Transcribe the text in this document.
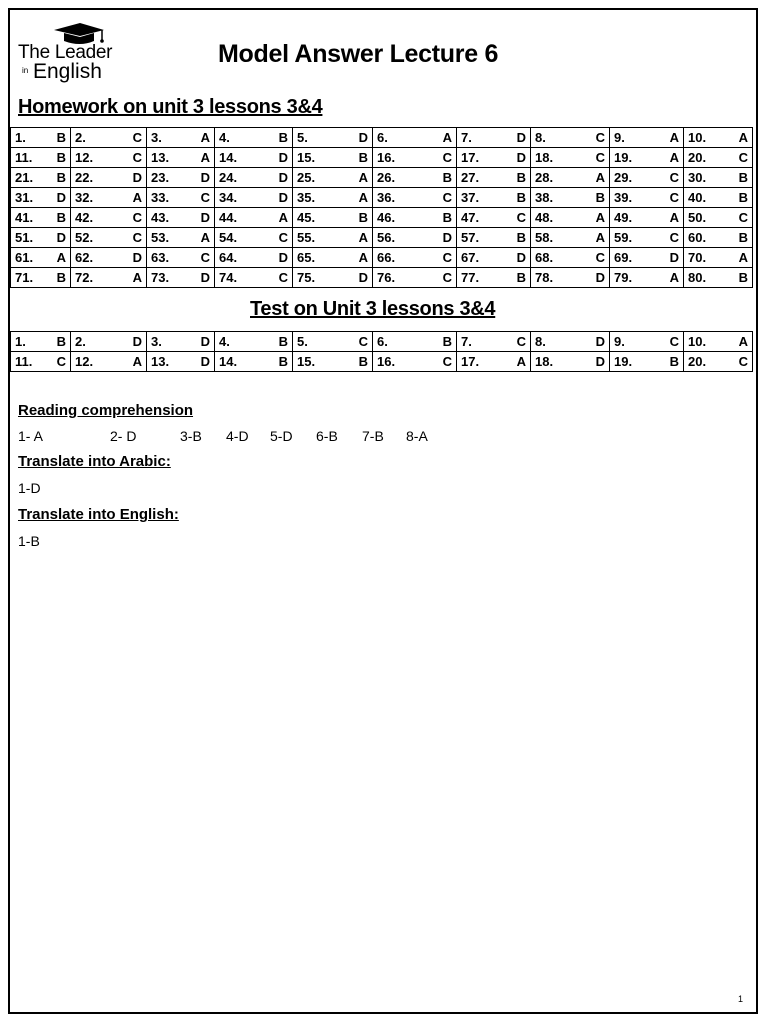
The Leader
in English
Model Answer Lecture 6
Homework on unit 3 lessons 3&4
1. B	2. C	3. A	4. B	5. D	6. A	7. D	8. C	9. A	10. A

11. B	12. C	13. A	14. D	15. B	16. C	17. D	18. C	19. A	20. C

21. B	22. D	23. D	24. D	25. A	26. B	27. B	28. A	29. C	30. B

31. D	32. A	33. C	34. D	35. A	36. C	37. B	38. B	39. C	40. B

41. B	42. C	43. D	44. A	45. B	46. B	47. C	48. A	49. A	50. C

51. D	52. C	53. A	54. C	55. A	56. D	57. B	58. A	59. C	60. B

61. A	62. D	63. C	64. D	65. A	66. C	67. D	68. C	69. D	70. A

71. B	72. A	73. D	74. C	75. D	76. C	77. B	78. D	79. A	80. B
Test on Unit 3 lessons 3&4
1. B	2. D	3. D	4. B	5. C	6. B	7. C	8. D	9. C	10. A

11. C	12. A	13. D	14. B	15. B	16. C	17. A	18. D	19. B	20. C
Reading comprehension
1- A	2- D	3-B 4-D 5-D 6-B 7-B 8-A
Translate into Arabic:
1-D
Translate into English:
1-B
1
